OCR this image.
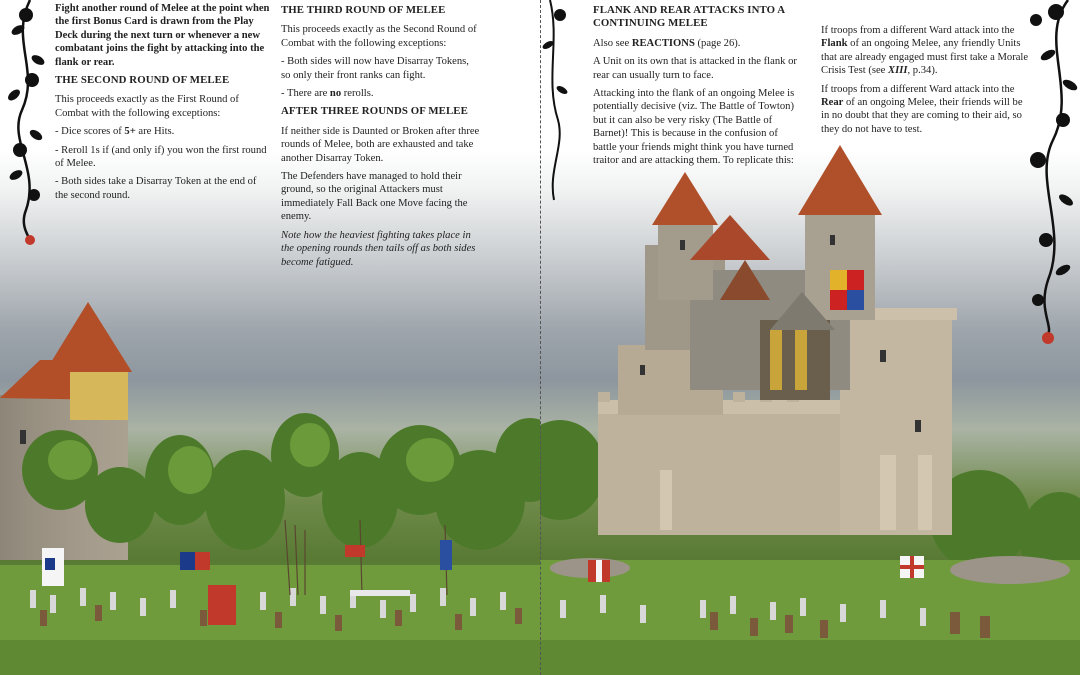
Fight another round of Melee at the point when the first Bonus Card is drawn from the Play Deck during the next turn or whenever a new combatant joins the fight by attacking into the flank or rear.

THE SECOND ROUND OF MELEE

This proceeds exactly as the First Round of Combat with the following exceptions:

- Dice scores of 5+ are Hits.

- Reroll 1s if (and only if) you won the first round of Melee.

- Both sides take a Disarray Token at the end of the second round.

THE THIRD ROUND OF MELEE

This proceeds exactly as the Second Round of Combat with the following exceptions:

- Both sides will now have Disarray Tokens, so only their front ranks can fight.

- There are no rerolls.

AFTER THREE ROUNDS OF MELEE

If neither side is Daunted or Broken after three rounds of Melee, both are exhausted and take another Disarray Token.

The Defenders have managed to hold their ground, so the original Attackers must immediately Fall Back one Move facing the enemy.

Note how the heaviest fighting takes place in the opening rounds then tails off as both sides become fatigued.

FLANK AND REAR ATTACKS INTO A CONTINUING MELEE

Also see REACTIONS (page 26).

A Unit on its own that is attacked in the flank or rear can usually turn to face.

Attacking into the flank of an ongoing Melee is potentially decisive (viz. The Battle of Towton) but it can also be very risky (The Battle of Barnet)! This is because in the confusion of battle your friends might think you have turned traitor and are attacking them. To replicate this:

If troops from a different Ward attack into the Flank of an ongoing Melee, any friendly Units that are already engaged must first take a Morale Crisis Test (see XIII, p.34).

If troops from a different Ward attack into the Rear of an ongoing Melee, their friends will be in no doubt that they are coming to their aid, so they do not have to test.
